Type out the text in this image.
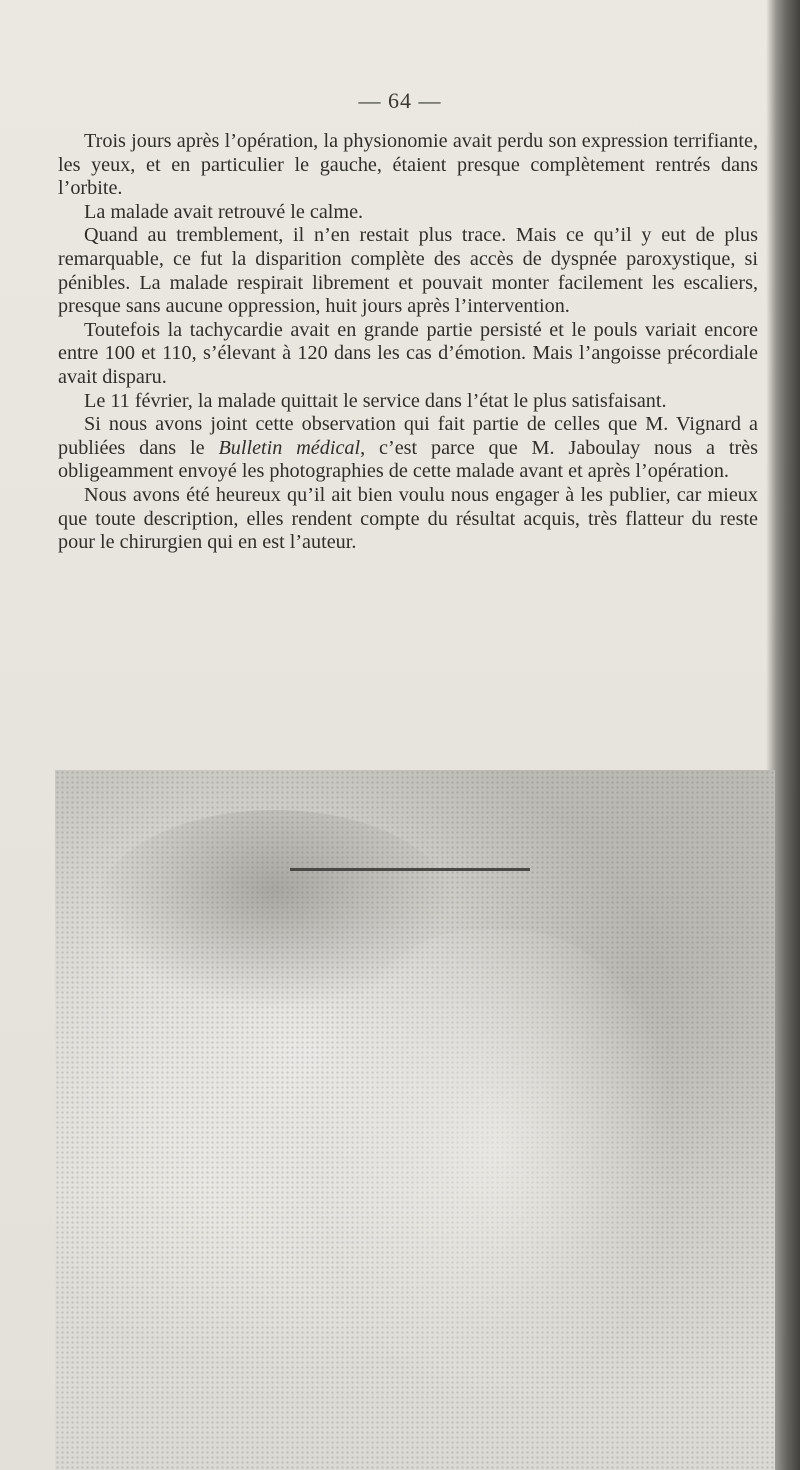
— 64 —

Trois jours après l’opération, la physionomie avait perdu son expression terrifiante, les yeux, et en particulier le gauche, étaient presque complètement rentrés dans l’orbite.

La malade avait retrouvé le calme.

Quand au tremblement, il n’en restait plus trace. Mais ce qu’il y eut de plus remarquable, ce fut la disparition complète des accès de dyspnée paroxystique, si pénibles. La malade respirait librement et pouvait monter facilement les escaliers, presque sans aucune oppression, huit jours après l’intervention.

Toutefois la tachycardie avait en grande partie persisté et le pouls variait encore entre 100 et 110, s’élevant à 120 dans les cas d’émotion. Mais l’angoisse précordiale avait disparu.

Le 11 février, la malade quittait le service dans l’état le plus satisfaisant.

Si nous avons joint cette observation qui fait partie de celles que M. Vignard a publiées dans le Bulletin médical, c’est parce que M. Jaboulay nous a très obligeamment envoyé les photographies de cette malade avant et après l’opération.

Nous avons été heureux qu’il ait bien voulu nous engager à les publier, car mieux que toute description, elles rendent compte du résultat acquis, très flatteur du reste pour le chirurgien qui en est l’auteur.
